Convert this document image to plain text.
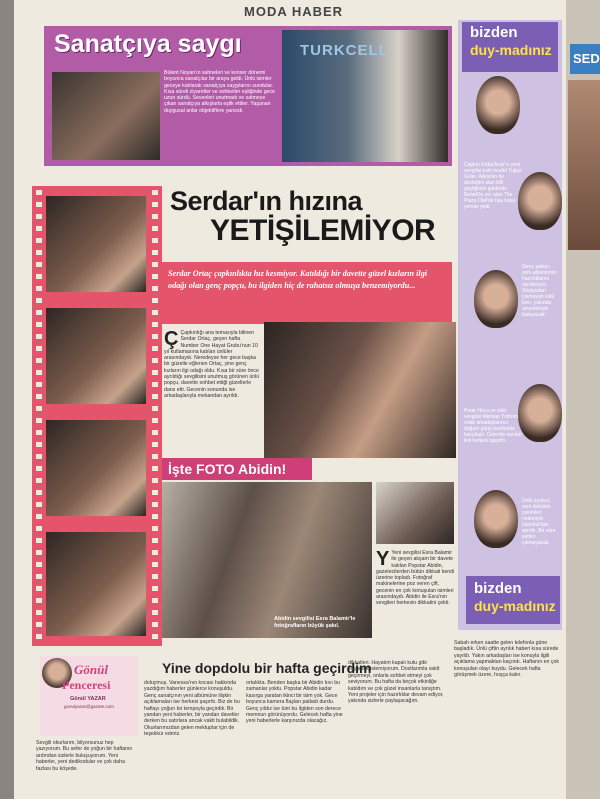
SED
MODA HABER
Sanatçıya saygı
Bülent Noyan'ın sahneleri ve konser dönemi boyunca sanatçılar bir araya geldi. Ünlü isimler geceye katılarak sanatçıya saygılarını sundular. Kısa süreli ziyaretler ve sohbetler eşliğinde gece uzun sürdü. Sevenleri unutmadı ve sahneye çıkan sanatçıya alkışlarla eşlik ettiler. Yaşanan duygusal anlar objektiflere yansıdı.
TURKCELL
bizden
duy-madınız
Çapkın Erdal Acar'ın yeni sevgilisi eski model Tuğçe Güler. Ailesinin de desteğini alan ikili geçtiğimiz günlerde Bebek'te yer alan The Plaza Otel'de baş başa yemek yedi.
Genç şarkıcı yeni albümünün hazırlıklarını sürdürüyor. Stüdyodan çıkmayan ünlü isim, yakında sevenleriyle buluşacak.
Pınar Hoca ve eski sevgilisi Mehtap Yıldırım ortak arkadaşlarının doğum günü partisinde karşılaştı. Özlemle sarılan ikili herkesi şaşırttı.
Ünlü oyuncu yeni dizisinin çekimleri nedeniyle İstanbul'dan ayrıldı. Bir süre setten çıkmayacak.
bizden
duy-madınız
Serdar'ın hızına
YETİŞİLEMİYOR
Serdar Ortaç çapkınlıkta hız kesmiyor. Katıldığı bir davette güzel kızların ilgi odağı olan genç popçu, bu ilgiden hiç de rahatsız olmuşa benzemiyordu...
Ç Çapkınlığı ana temasıyla bilinen Serdar Ortaç, geçen hafta Number One Hayat Grubu'nun 10 yıl kutlamasına katılan ünlüler arasındaydı. Neredeyse her gece başka bir güzelle eğlenen Ortaç, yine genç kızların ilgi odağı oldu. Kısa bir süre önce ayrıldığı sevgilisini unutmuş görünen ünlü popçu, davette sohbet ettiği güzellerle dans etti. Gecenin sonunda ise arkadaşlarıyla mekandan ayrıldı.
İşte FOTO Abidin!
Abidin sevgilisi Esra Balamir'le fotoğrafların büyük şakıl.
Y Yeni sevgilisi Esra Balamir ile geçen akşam bir davete katılan Popstar Abidin, gazetecilerden bütün dikkati kendi üzerine topladı. Fotoğraf makinelerine poz veren çift, gecenin en çok konuşulan isimleri arasındaydı. Abidin ile Esra'nın sevgileri herkesin dikkatini çekti.
Gönül
Penceresi
Gönül YAZAR
gonulyazar@gazete.com
Sevgili okurlarım, bilyorsunuz hep yazıyorum. Bu sefer de yoğun bir haftanın ardından sizlerle buluşuyorum. Yeni haberler, yeni dedikodular ve çok daha fazlası bu köşede.
Yine dopdolu bir hafta geçirdim
doluymuş. Vanessa'nın kocası hakkında yazdığım haberler günlerce konuşuldu. Genç sanatçının yeni albümüne ilişkin açıklamaları ise herkesi şaşırttı. Biz de bu haftayı yoğun bir tempoyla geçirdik. Bir yandan yeni haberler, bir yandan davetler derken bu satırlara ancak vakit bulabildik. Okurlarımızdan gelen mektuplar için de teşekkür ederiz.
ortalıkta. Benden başka bir Abidin kıvı bu zamanlar yoktu. Popstar Abidin kadar kasırga yaratan ikinci bir isim yok. Gece boyunca kamera flaşları patladı durdu. Genç yıldız ise tüm bu ilgiden son derece memnun görünüyordu. Gelecek hafta yine yeni haberlerle karşınızda olacağız.
dikkatleri. Hayatım kapalı kutu gibi yaşamak istemiyorum. Dostlarımla vakit geçirmeyi, onlarla sohbet etmeyi çok seviyorum. Bu hafta da birçok etkinliğe katıldım ve çok güzel insanlarla tanıştım. Yeni projeler için hazırlıklar devam ediyor, yakında sizlerle paylaşacağım.
Sabah erken saatte gelen telefonla güne başladık. Ünlü çiftin ayrılık haberi kısa sürede yayıldı. Yakın arkadaşları ise konuyla ilgili açıklama yapmaktan kaçındı. Haftanın en çok konuşulan olayı buydu. Gelecek hafta görüşmek üzere, hoşça kalın.
